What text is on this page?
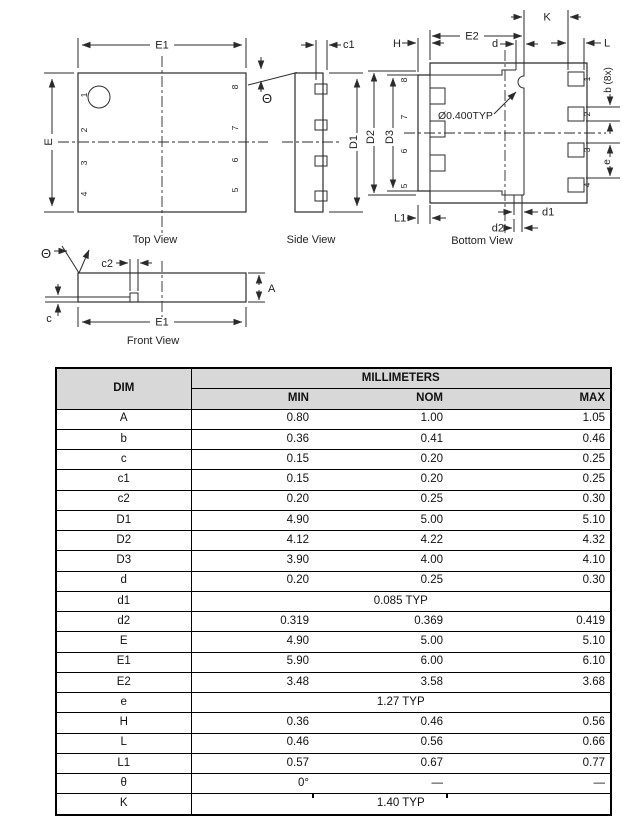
E1
E
1
2
3
4
8
7
6
5
Top View
Θ
c1
D1
Side View
8
7
6
5
1
2
3
4
H
E2
d
K
L
b (8x)
e
Ø0.400TYP
D2 D3
L1	d1
d2
Bottom View
Θ
c2
A
c	E1
Front View
DIM	MILLIMETERS		
	MIN	NOM	MAX
A	0.80	1.00	1.05
b	0.36	0.41	0.46
c	0.15	0.20	0.25
c1	0.15	0.20	0.25
c2	0.20	0.25	0.30
D1	4.90	5.00	5.10
D2	4.12	4.22	4.32
D3	3.90	4.00	4.10
d	0.20	0.25	0.30
d1	0.085 TYP		
d2	0.319	0.369	0.419
E	4.90	5.00	5.10
E1	5.90	6.00	6.10
E2	3.48	3.58	3.68
e	1.27 TYP		
H	0.36	0.46	0.56
L	0.46	0.56	0.66
L1	0.57	0.67	0.77
θ	0°	—	—
K	1.40 TYP		
